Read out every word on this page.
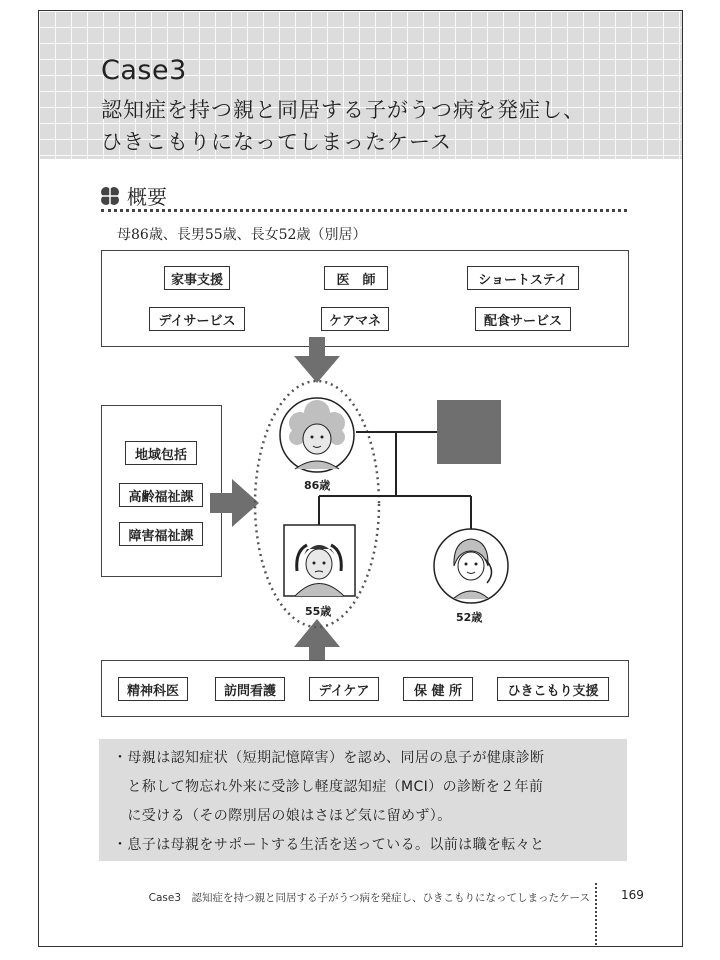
Case3
認知症を持つ親と同居する子がうつ病を発症し、
ひきこもりになってしまったケース
概要
母86歳、長男55歳、長女52歳（別居）
家事支援	医　師	ショートステイ
デイサービス	ケアマネ	配食サービス
地域包括
高齢福祉課
障害福祉課
86歳
55歳	52歳
精神科医	訪問看護	デイケア	保 健 所	ひきこもり支援

・母親は認知症状（短期記憶障害）を認め、同居の息子が健康診断

　と称して物忘れ外来に受診し軽度認知症（MCI）の診断を２年前

　に受ける（その際別居の娘はさほど気に留めず）。

・息子は母親をサポートする生活を送っている。以前は職を転々と

Case3　認知症を持つ親と同居する子がうつ病を発症し、ひきこもりになってしまったケース	169
